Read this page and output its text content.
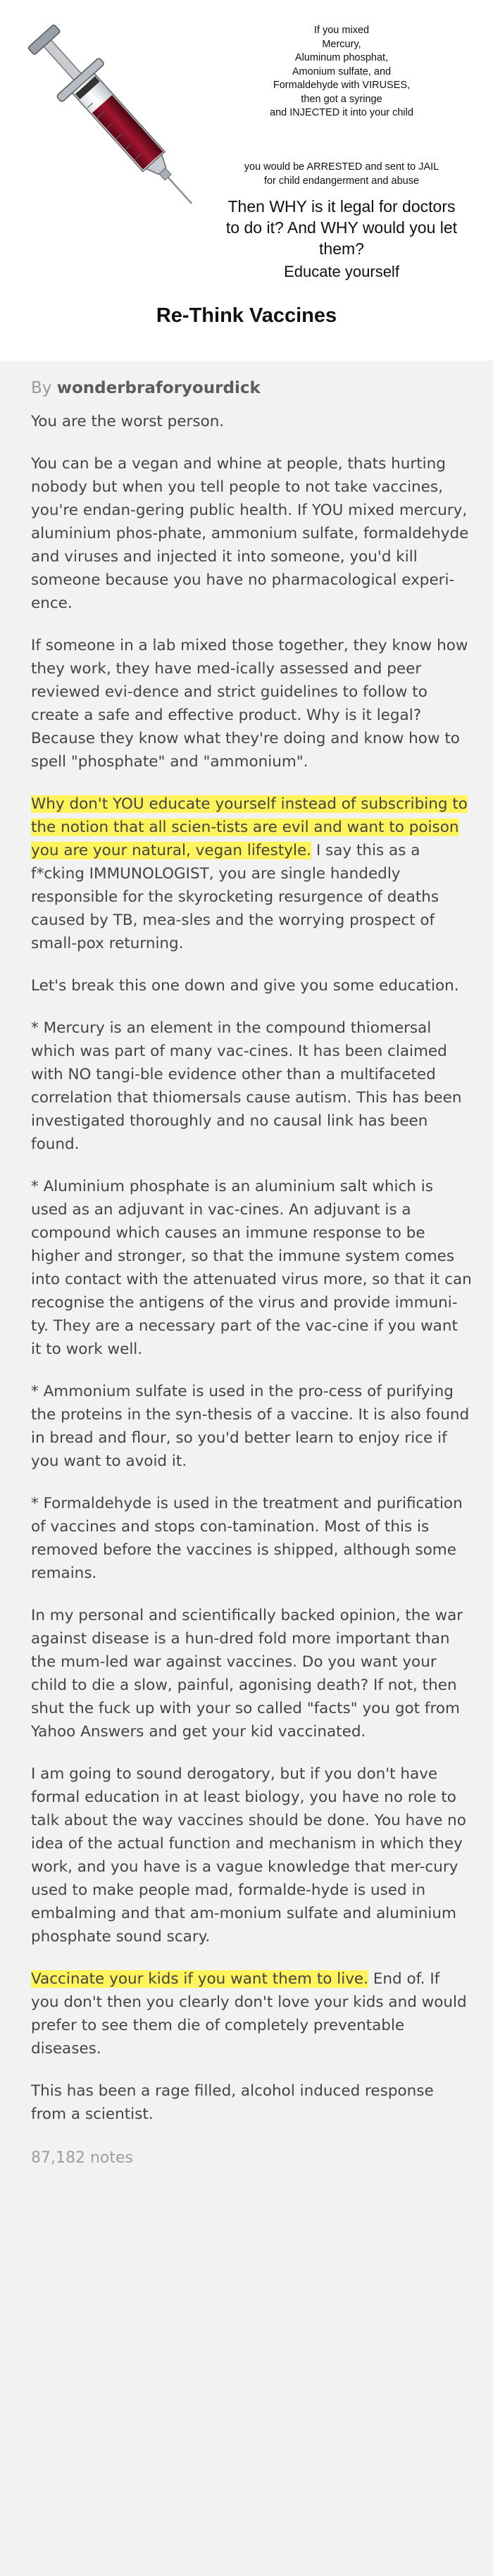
If you mixed
Mercury,
Aluminum phosphat,
Amonium sulfate, and
Formaldehyde with VIRUSES,
then got a syringe
and INJECTED it into your child
you would be ARRESTED and sent to JAIL
for child endangerment and abuse
Then WHY is it legal for doctors
to do it? And WHY would you let
them?
Educate yourself
Re-Think Vaccines

By wonderbraforyourdick

You are the worst person.

You can be a vegan and whine at people, thats hurting nobody but when you tell people to not take vaccines, you're endan-gering public health. If YOU mixed mercury, aluminium phos-phate, ammonium sulfate, formaldehyde and viruses and injected it into someone, you'd kill someone because you have no pharmacological experi-ence.

If someone in a lab mixed those together, they know how they work, they have med-ically assessed and peer reviewed evi-dence and strict guidelines to follow to create a safe and effective product. Why is it legal? Because they know what they're doing and know how to spell "phosphate" and "ammonium".

Why don't YOU educate yourself instead of subscribing to the notion that all scien-tists are evil and want to poison you are your natural, vegan lifestyle. I say this as a f*cking IMMUNOLOGIST, you are single handedly responsible for the skyrocketing resurgence of deaths caused by TB, mea-sles and the worrying prospect of small-pox returning.

Let's break this one down and give you some education.

* Mercury is an element in the compound thiomersal which was part of many vac-cines. It has been claimed with NO tangi-ble evidence other than a multifaceted correlation that thiomersals cause autism. This has been investigated thoroughly and no causal link has been found.

* Aluminium phosphate is an aluminium salt which is used as an adjuvant in vac-cines. An adjuvant is a compound which causes an immune response to be higher and stronger, so that the immune system comes into contact with the attenuated virus more, so that it can recognise the antigens of the virus and provide immuni-ty. They are a necessary part of the vac-cine if you want it to work well.

* Ammonium sulfate is used in the pro-cess of purifying the proteins in the syn-thesis of a vaccine. It is also found in bread and flour, so you'd better learn to enjoy rice if you want to avoid it.

* Formaldehyde is used in the treatment and purification of vaccines and stops con-tamination. Most of this is removed before the vaccines is shipped, although some remains.

In my personal and scientifically backed opinion, the war against disease is a hun-dred fold more important than the mum-led war against vaccines. Do you want your child to die a slow, painful, agonising death? If not, then shut the fuck up with your so called "facts" you got from Yahoo Answers and get your kid vaccinated.

I am going to sound derogatory, but if you don't have formal education in at least biology, you have no role to talk about the way vaccines should be done. You have no idea of the actual function and mechanism in which they work, and you have is a vague knowledge that mer-cury used to make people mad, formalde-hyde is used in embalming and that am-monium sulfate and aluminium phosphate sound scary.

Vaccinate your kids if you want them to live. End of. If you don't then you clearly don't love your kids and would prefer to see them die of completely preventable diseases.

This has been a rage filled, alcohol induced response from a scientist.

87,182 notes
